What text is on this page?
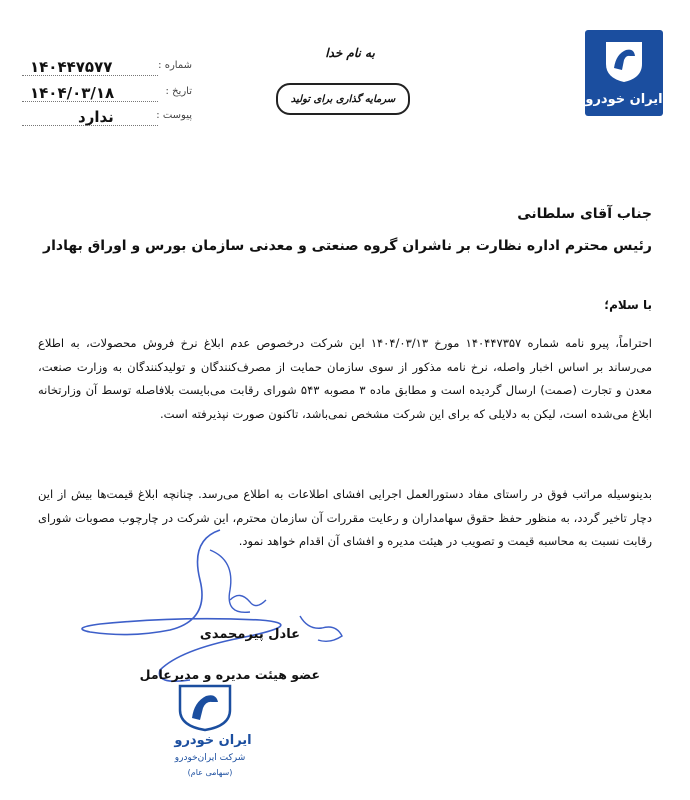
۱۴۰۴۴۷۵۷۷	شماره :
۱۴۰۴/۰۳/۱۸	تاریخ :
ندارد	پیوست :
به نام خدا
سرمایه گذاری برای تولید	ایران خودرو
جناب آقای سلطانی
رئیس محترم اداره نظارت بر ناشران گروه صنعتی و معدنی سازمان بورس و اوراق بهادار
با سلام؛
احتراماً، پیرو نامه شماره ۱۴۰۴۴۷۳۵۷ مورخ ۱۴۰۴/۰۳/۱۳ این شرکت درخصوص عدم ابلاغ نرخ فروش محصولات، به اطلاع می‌رساند بر اساس اخبار واصله، نرخ نامه مذکور از سوی سازمان حمایت از مصرف‌کنندگان و تولیدکنندگان به وزارت صنعت، معدن و تجارت (صمت) ارسال گردیده است و مطابق ماده ۳ مصوبه ۵۴۳ شورای رقابت می‌بایست بلافاصله توسط آن وزارتخانه ابلاغ می‌شده است، لیکن به دلایلی که برای این شرکت مشخص نمی‌باشد، تاکنون صورت نپذیرفته است.
بدینوسیله مراتب فوق در راستای مفاد دستورالعمل اجرایی افشای اطلاعات به اطلاع می‌رسد. چنانچه ابلاغ قیمت‌ها بیش از این دچار تاخیر گردد، به منظور حفظ حقوق سهامداران و رعایت مقررات آن سازمان محترم، این شرکت در چارچوب مصوبات شورای رقابت نسبت به محاسبه قیمت و تصویب در هیئت مدیره و افشای آن اقدام خواهد نمود.
عادل پیرمحمدی
عضو هیئت مدیره و مدیرعامل
ایران خودرو
شرکت ایران‌خودرو
(سهامی عام)
